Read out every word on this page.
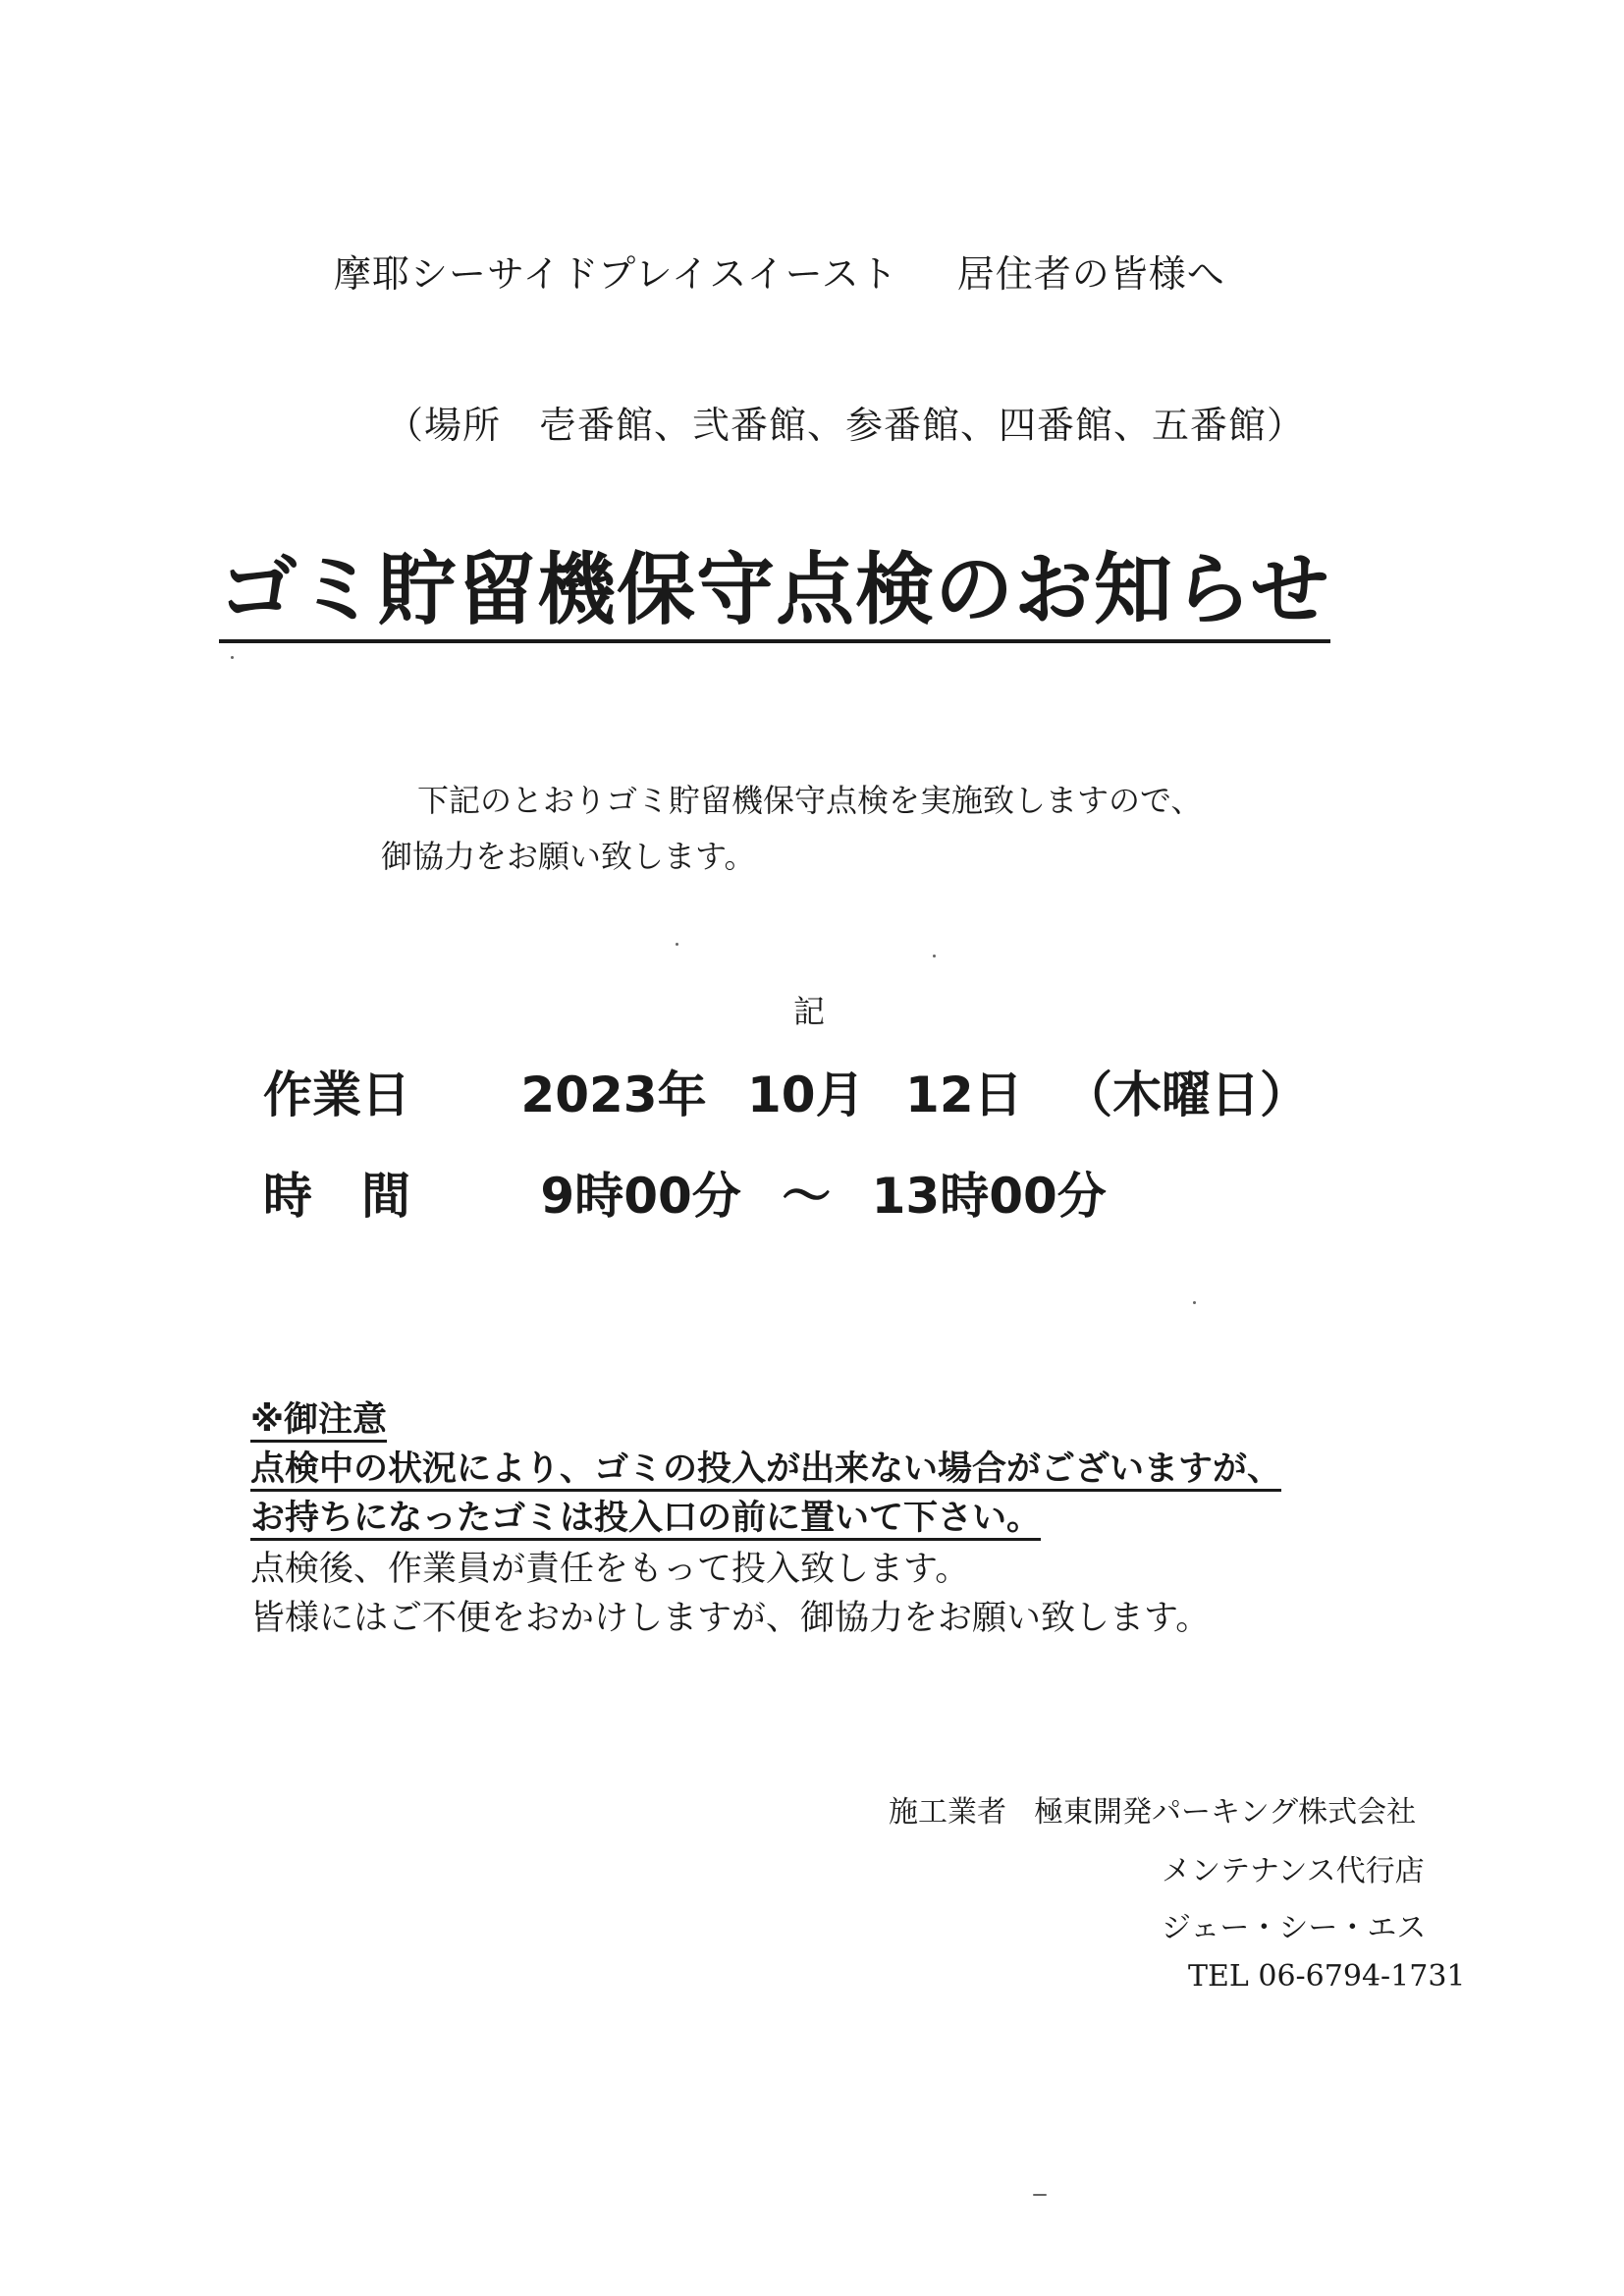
摩耶シーサイドプレイスイースト 居住者の皆様へ
（場所　壱番館、弐番館、参番館、四番館、五番館）
ゴミ貯留機保守点検のお知らせ
下記のとおりゴミ貯留機保守点検を実施致しますので、
御協力をお願い致します。
記
作業日 2023年 10月 12日 （木曜日）
時　間	9時00分 ～ 13時00分
※御注意
点検中の状況により、ゴミの投入が出来ない場合がございますが、
お持ちになったゴミは投入口の前に置いて下さい。
点検後、作業員が責任をもって投入致します。
皆様にはご不便をおかけしますが、御協力をお願い致します。
施工業者 極東開発パーキング株式会社
メンテナンス代行店
ジェー・シー・エス
TEL 06-6794-1731
